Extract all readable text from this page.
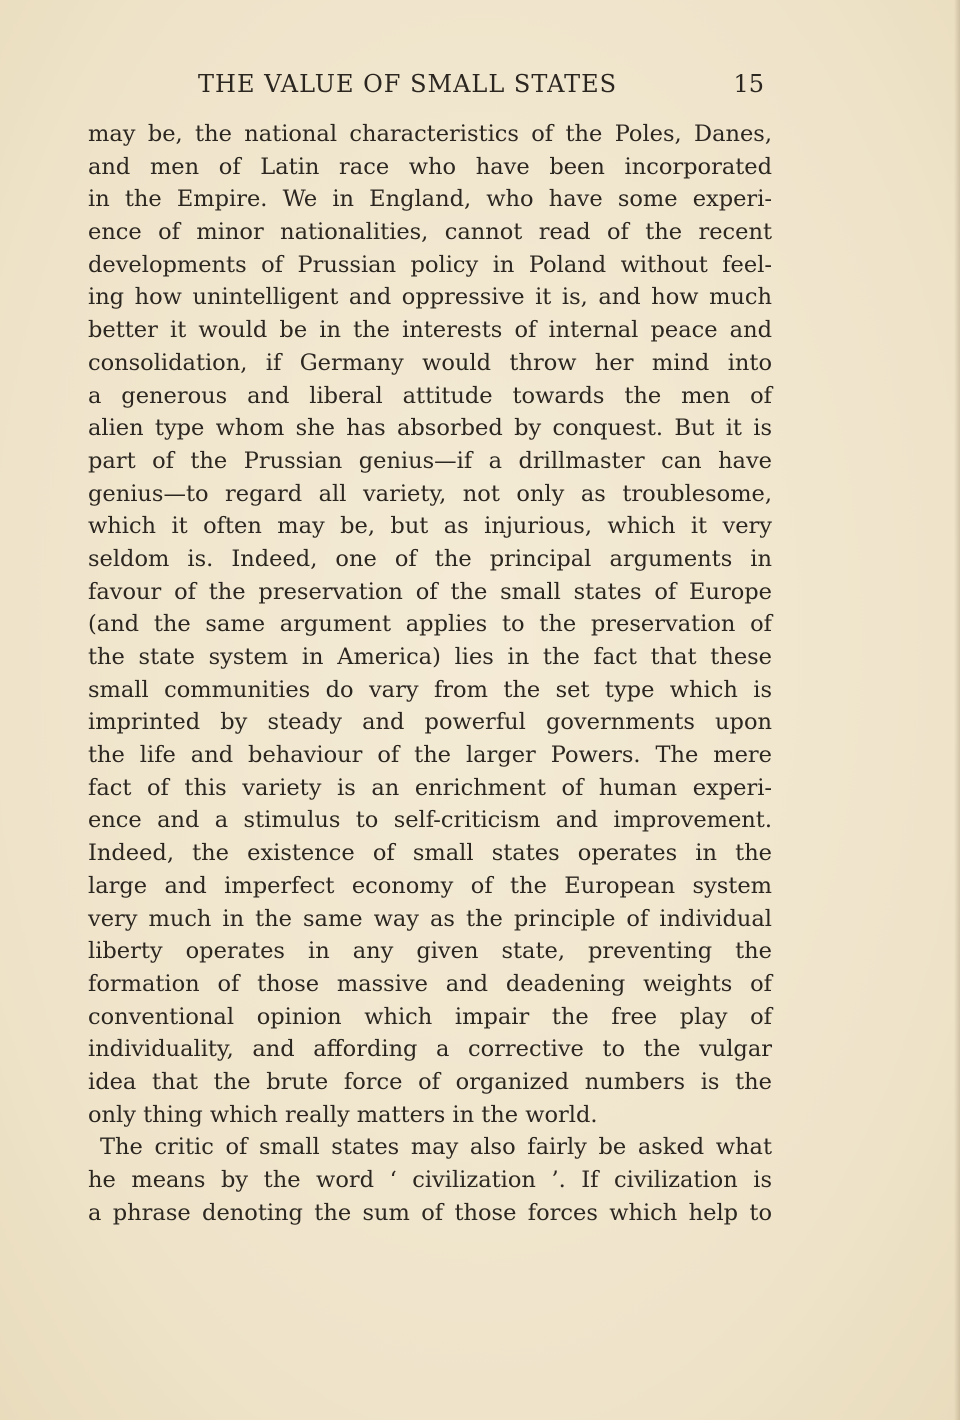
THE VALUE OF SMALL STATES	15
may be, the national characteristics of the Poles, Danes,
and men of Latin race who have been incorporated
in the Empire. We in England, who have some experi-
ence of minor nationalities, cannot read of the recent
developments of Prussian policy in Poland without feel-
ing how unintelligent and oppressive it is, and how much
better it would be in the interests of internal peace and
consolidation, if Germany would throw her mind into
a generous and liberal attitude towards the men of
alien type whom she has absorbed by conquest. But it is
part of the Prussian genius—if a drillmaster can have
genius—to regard all variety, not only as troublesome,
which it often may be, but as injurious, which it very
seldom is. Indeed, one of the principal arguments in
favour of the preservation of the small states of Europe
(and the same argument applies to the preservation of
the state system in America) lies in the fact that these
small communities do vary from the set type which is
imprinted by steady and powerful governments upon
the life and behaviour of the larger Powers. The mere
fact of this variety is an enrichment of human experi-
ence and a stimulus to self-criticism and improvement.
Indeed, the existence of small states operates in the
large and imperfect economy of the European system
very much in the same way as the principle of individual
liberty operates in any given state, preventing the
formation of those massive and deadening weights of
conventional opinion which impair the free play of
individuality, and affording a corrective to the vulgar
idea that the brute force of organized numbers is the
only thing which really matters in the world.
The critic of small states may also fairly be asked what
he means by the word ‘ civilization ’. If civilization is
a phrase denoting the sum of those forces which help to
